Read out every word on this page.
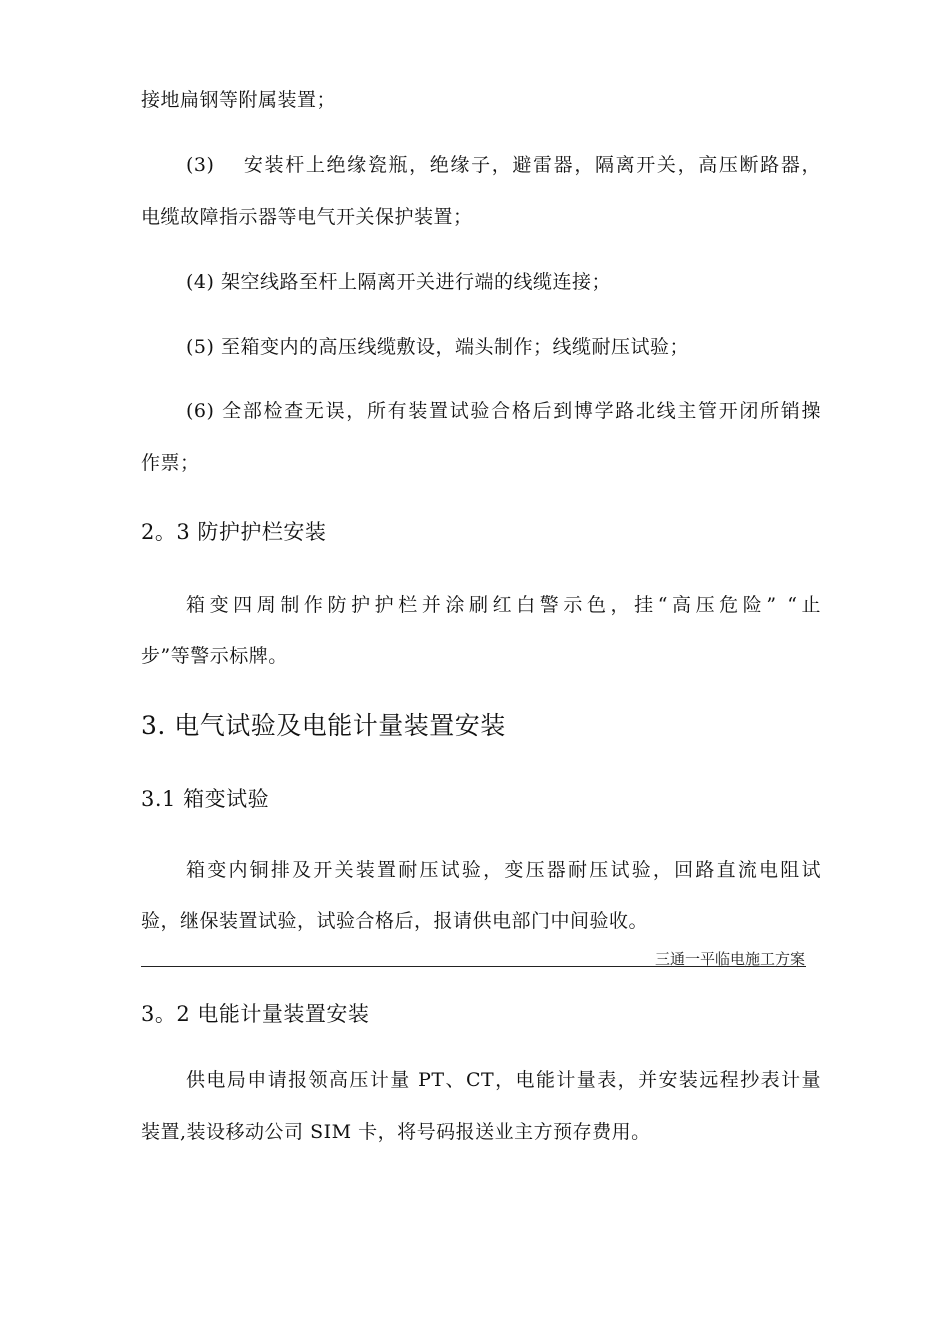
接地扁钢等附属装置；
(3)　 安装杆上绝缘瓷瓶，绝缘子，避雷器，隔离开关，高压断路器，
电缆故障指示器等电气开关保护装置；
(4) 架空线路至杆上隔离开关进行端的线缆连接；
(5) 至箱变内的高压线缆敷设，端头制作；线缆耐压试验；
(6) 全部检查无误，所有装置试验合格后到博学路北线主管开闭所销操
作票；
2。3 防护护栏安装
箱变四周制作防护护栏并涂刷红白警示色，挂“高压危险” “止
步”等警示标牌。
3. 电气试验及电能计量装置安装
3.1 箱变试验
箱变内铜排及开关装置耐压试验，变压器耐压试验，回路直流电阻试
验，继保装置试验，试验合格后，报请供电部门中间验收。
三通一平临电施工方案
3。2 电能计量装置安装
供电局申请报领高压计量 PT、CT，电能计量表，并安装远程抄表计量
装置,装设移动公司 SIM 卡，将号码报送业主方预存费用。
